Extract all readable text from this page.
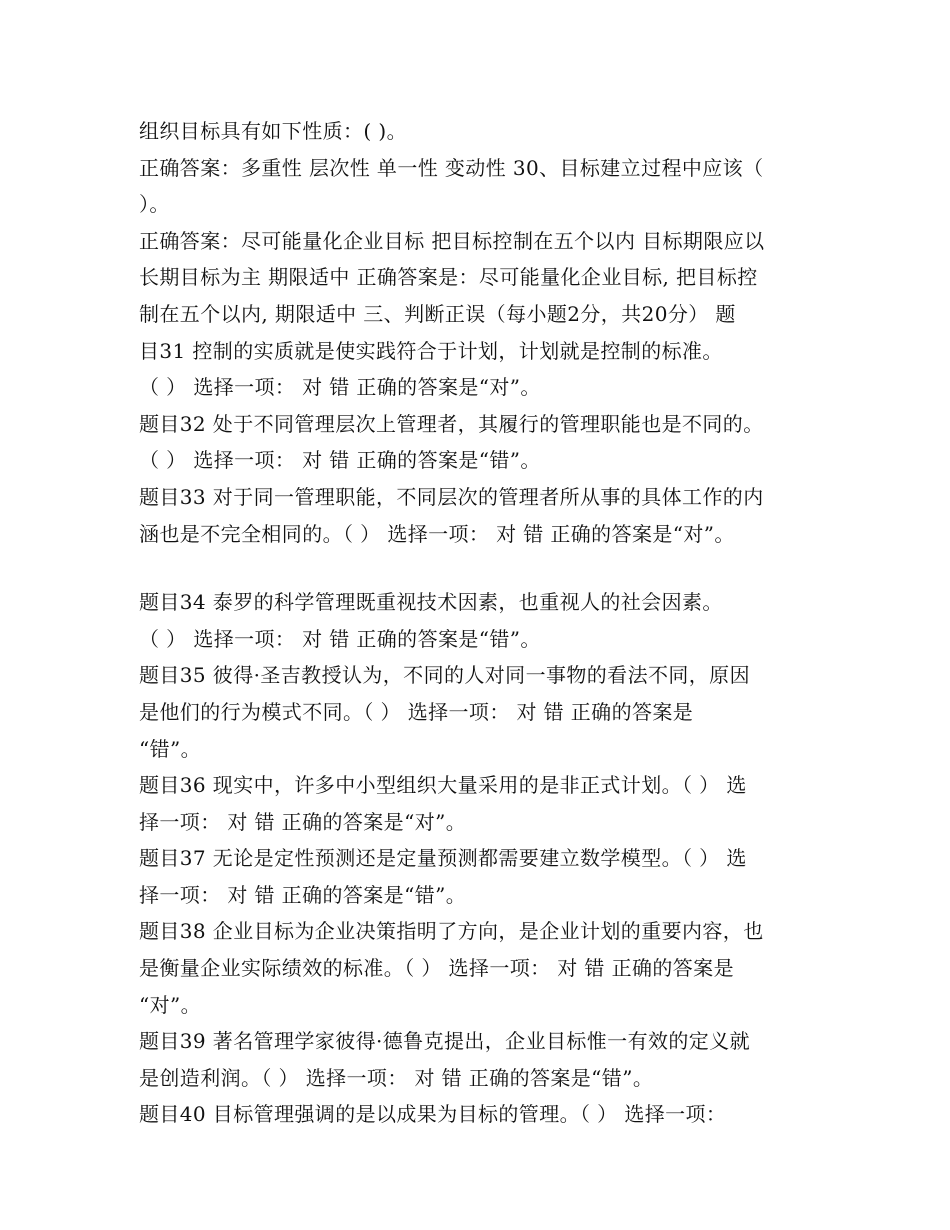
组织目标具有如下性质：( )。
正确答案：多重性 层次性 单一性 变动性 30、目标建立过程中应该（
）。
正确答案：尽可能量化企业目标 把目标控制在五个以内 目标期限应以
长期目标为主 期限适中 正确答案是：尽可能量化企业目标, 把目标控
制在五个以内, 期限适中 三、判断正误（每小题2分，共20分） 题
目31 控制的实质就是使实践符合于计划，计划就是控制的标准。
（ ） 选择一项： 对 错 正确的答案是“对”。
题目32 处于不同管理层次上管理者，其履行的管理职能也是不同的。
（ ） 选择一项： 对 错 正确的答案是“错”。
题目33 对于同一管理职能，不同层次的管理者所从事的具体工作的内
涵也是不完全相同的。（ ） 选择一项： 对 错 正确的答案是“对”。
题目34 泰罗的科学管理既重视技术因素，也重视人的社会因素。
（ ） 选择一项： 对 错 正确的答案是“错”。
题目35 彼得·圣吉教授认为，不同的人对同一事物的看法不同，原因
是他们的行为模式不同。（ ） 选择一项： 对 错 正确的答案是
“错”。
题目36 现实中，许多中小型组织大量采用的是非正式计划。（ ） 选
择一项： 对 错 正确的答案是“对”。
题目37 无论是定性预测还是定量预测都需要建立数学模型。（ ） 选
择一项： 对 错 正确的答案是“错”。
题目38 企业目标为企业决策指明了方向，是企业计划的重要内容，也
是衡量企业实际绩效的标准。（ ） 选择一项： 对 错 正确的答案是
“对”。
题目39 著名管理学家彼得·德鲁克提出，企业目标惟一有效的定义就
是创造利润。（ ） 选择一项： 对 错 正确的答案是“错”。
题目40 目标管理强调的是以成果为目标的管理。（ ） 选择一项：
